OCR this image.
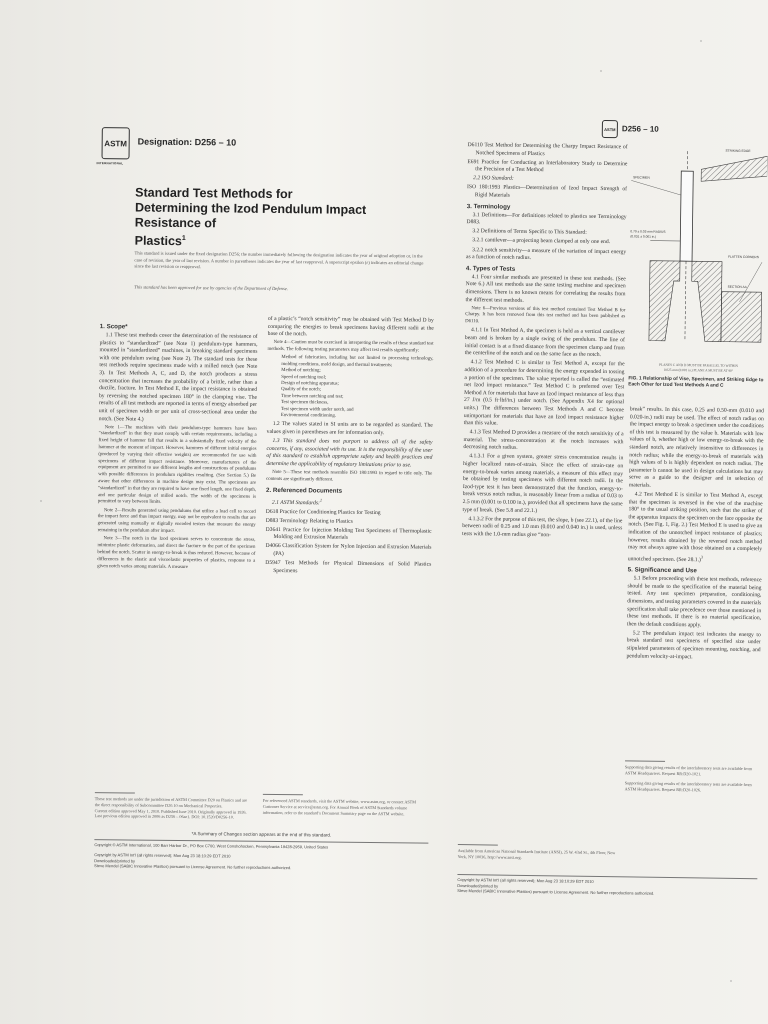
ASTM
INTERNATIONAL
Designation: D256 – 10
Standard Test Methods for
Determining the Izod Pendulum Impact Resistance of
Plastics$^1$
This standard is issued under the fixed designation D256; the number immediately following the designation indicates the year of original adoption or, in the case of revision, the year of last revision. A number in parentheses indicates the year of last reapproval. A superscript epsilon (ε) indicates an editorial change since the last revision or reapproval.
This standard has been approved for use by agencies of the Department of Defense.
1. Scope*

1.1 These test methods cover the determination of the resistance of plastics to “standardized” (see Note 1) pendulum-type hammers, mounted in “standardized” machines, in breaking standard specimens with one pendulum swing (see Note 2). The standard tests for these test methods require specimens made with a milled notch (see Note 3). In Test Methods A, C, and D, the notch produces a stress concentration that increases the probability of a brittle, rather than a ductile, fracture. In Test Method E, the impact resistance is obtained by reversing the notched specimen 180° in the clamping vise. The results of all test methods are reported in terms of energy absorbed per unit of specimen width or per unit of cross-sectional area under the notch. (See Note 4.)

Note 1—The machines with their pendulum-type hammers have been “standardized” in that they must comply with certain requirements, including a fixed height of hammer fall that results in a substantially fixed velocity of the hammer at the moment of impact. However, hammers of different initial energies (produced by varying their effective weights) are recommended for use with specimens of different impact resistance. Moreover, manufacturers of the equipment are permitted to use different lengths and constructions of pendulums with possible differences in pendulum rigidities resulting. (See Section 5.) Be aware that other differences in machine design may exist. The specimens are “standardized” in that they are required to have one fixed length, one fixed depth, and one particular design of milled notch. The width of the specimens is permitted to vary between limits.

Note 2—Results generated using pendulums that utilize a load cell to record the impact force and thus impact energy, may not be equivalent to results that are generated using manually or digitally encoded testers that measure the energy remaining in the pendulum after impact.

Note 3—The notch in the Izod specimen serves to concentrate the stress, minimize plastic deformation, and direct the fracture to the part of the specimen behind the notch. Scatter in energy-to-break is thus reduced. However, because of differences in the elastic and viscoelastic properties of plastics, response to a given notch varies among materials. A measure

of a plastic’s “notch sensitivity” may be obtained with Test Method D by comparing the energies to break specimens having different radii at the base of the notch.

Note 4—Caution must be exercised in interpreting the results of these standard test methods. The following testing parameters may affect test results significantly:

Method of fabrication, including but not limited to processing technology, molding conditions, mold design, and thermal treatments;
Method of notching;
Speed of notching tool;
Design of notching apparatus;
Quality of the notch;
Time between notching and test;
Test specimen thickness,
Test specimen width under notch, and
Environmental conditioning.

1.2 The values stated in SI units are to be regarded as standard. The values given in parentheses are for information only.

1.3 This standard does not purport to address all of the safety concerns, if any, associated with its use. It is the responsibility of the user of this standard to establish appropriate safety and health practices and determine the applicability of regulatory limitations prior to use.

Note 5—These test methods resemble ISO 180:1993 in regard to title only. The contents are significantly different.

2. Referenced Documents

2.1 ASTM Standards:$^2$

D618 Practice for Conditioning Plastics for Testing

D883 Terminology Relating to Plastics

D3641 Practice for Injection Molding Test Specimens of Thermoplastic Molding and Extrusion Materials

D4066 Classification System for Nylon Injection and Extrusion Materials (PA)

D5947 Test Methods for Physical Dimensions of Solid Plastics Specimens

These test methods are under the jurisdiction of ASTM Committee D20 on Plastics and are the direct responsibility of Subcommittee D20.10 on Mechanical Properties.
Current edition approved May 1, 2010. Published June 2010. Originally approved in 1926. Last previous edition approved in 2006 as D256 – 06aε1. DOI: 10.1520/D0256-10.
For referenced ASTM standards, visit the ASTM website, www.astm.org, or contact ASTM Customer Service at service@astm.org. For Annual Book of ASTM Standards volume information, refer to the standard’s Document Summary page on the ASTM website.
*A Summary of Changes section appears at the end of this standard.
Copyright © ASTM International, 100 Barr Harbor Dr., PO Box C700, West Conshohocken, Pennsylvania 19428-2959, United States
Copyright by ASTM Int'l (all rights reserved); Mon Aug 23 18:10:29 EDT 2010
Downloaded/printed by
Steve Mendel (SABIC Innovative Plastics) pursuant to License Agreement. No further reproductions authorized.
ASTM D256 – 10

D6110 Test Method for Determining the Charpy Impact Resistance of Notched Specimens of Plastics

E691 Practice for Conducting an Interlaboratory Study to Determine the Precision of a Test Method

2.2 ISO Standard:

ISO 180:1993 Plastics—Determination of Izod Impact Strength of Rigid Materials

3. Terminology

3.1 Definitions—For definitions related to plastics see Terminology D883.

3.2 Definitions of Terms Specific to This Standard:

3.2.1 cantilever—a projecting beam clamped at only one end.

3.2.2 notch sensitivity—a measure of the variation of impact energy as a function of notch radius.

4. Types of Tests

4.1 Four similar methods are presented in these test methods. (See Note 6.) All test methods use the same testing machine and specimen dimensions. There is no known means for correlating the results from the different test methods.

Note 6—Previous versions of this test method contained Test Method B for Charpy. It has been removed from this test method and has been published as D6110.

4.1.1 In Test Method A, the specimen is held as a vertical cantilever beam and is broken by a single swing of the pendulum. The line of initial contact is at a fixed distance from the specimen clamp and from the centerline of the notch and on the same face as the notch.

4.1.2 Test Method C is similar to Test Method A, except for the addition of a procedure for determining the energy expended in tossing a portion of the specimen. The value reported is called the “estimated net Izod impact resistance.” Test Method C is preferred over Test Method A for materials that have an Izod impact resistance of less than 27 J/m (0.5 ft·lbf/in.) under notch. (See Appendix X4 for optional units.) The differences between Test Methods A and C become unimportant for materials that have an Izod impact resistance higher than this value.

4.1.3 Test Method D provides a measure of the notch sensitivity of a material. The stress-concentration at the notch increases with decreasing notch radius.

4.1.3.1 For a given system, greater stress concentration results in higher localized rates-of-strain. Since the effect of strain-rate on energy-to-break varies among materials, a measure of this effect may be obtained by testing specimens with different notch radii. In the Izod-type test it has been demonstrated that the function, energy-to-break versus notch radius, is reasonably linear from a radius of 0.03 to 2.5 mm (0.001 to 0.100 in.), provided that all specimens have the same type of break. (See 5.8 and 22.1.)

4.1.3.2 For the purpose of this test, the slope, b (see 22.1), of the line between radii of 0.25 and 1.0 mm (0.010 and 0.040 in.) is used, unless tests with the 1.0-mm radius give “non-

STRIKING EDGE
SPECIMEN
0.79 ± 0.03 mm RADIUS
(0.031 ± 0.001 in.)
FLATTEN CORNERS
SECTION AA
PLANES C AND D MUST BE PARALLEL TO WITHIN 0.025 mm (0.001 in.) PLANE A MUST BE AT 90°
FIG. 1 Relationship of Vise, Specimen, and Striking Edge to Each Other for Izod Test Methods A and C

break” results. In this case, 0.25 and 0.50-mm (0.010 and 0.020-in.) radii may be used. The effect of notch radius on the impact energy to break a specimen under the conditions of this test is measured by the value b. Materials with low values of b, whether high or low energy-to-break with the standard notch, are relatively insensitive to differences in notch radius; while the energy-to-break of materials with high values of b is highly dependent on notch radius. The parameter b cannot be used in design calculations but may serve as a guide to the designer and in selection of materials.

4.2 Test Method E is similar to Test Method A, except that the specimen is reversed in the vise of the machine 180° to the usual striking position, such that the striker of the apparatus impacts the specimen on the face opposite the notch. (See Fig. 1, Fig. 2.) Test Method E is used to give an indication of the unnotched impact resistance of plastics; however, results obtained by the reversed notch method may not always agree with those obtained on a completely unnotched specimen. (See 28.1.)$^3$

5. Significance and Use

5.1 Before proceeding with these test methods, reference should be made to the specification of the material being tested. Any test specimen preparation, conditioning, dimensions, and testing parameters covered in the materials specification shall take precedence over those mentioned in these test methods. If there is no material specification, then the default conditions apply.

5.2 The pendulum impact test indicates the energy to break standard test specimens of specified size under stipulated parameters of specimen mounting, notching, and pendulum velocity-at-impact.

Available from American National Standards Institute (ANSI), 25 W. 43rd St., 4th Floor, New York, NY 10036, http://www.ansi.org.
Supporting data giving results of the interlaboratory tests are available from ASTM Headquarters. Request RR:D20-1021.
Supporting data giving results of the interlaboratory tests are available from ASTM Headquarters. Request RR:D20-1026.
Copyright by ASTM Int'l (all rights reserved); Mon Aug 23 18:10:29 EDT 2010
Downloaded/printed by
Steve Mendel (SABIC Innovative Plastics) pursuant to License Agreement. No further reproductions authorized.
